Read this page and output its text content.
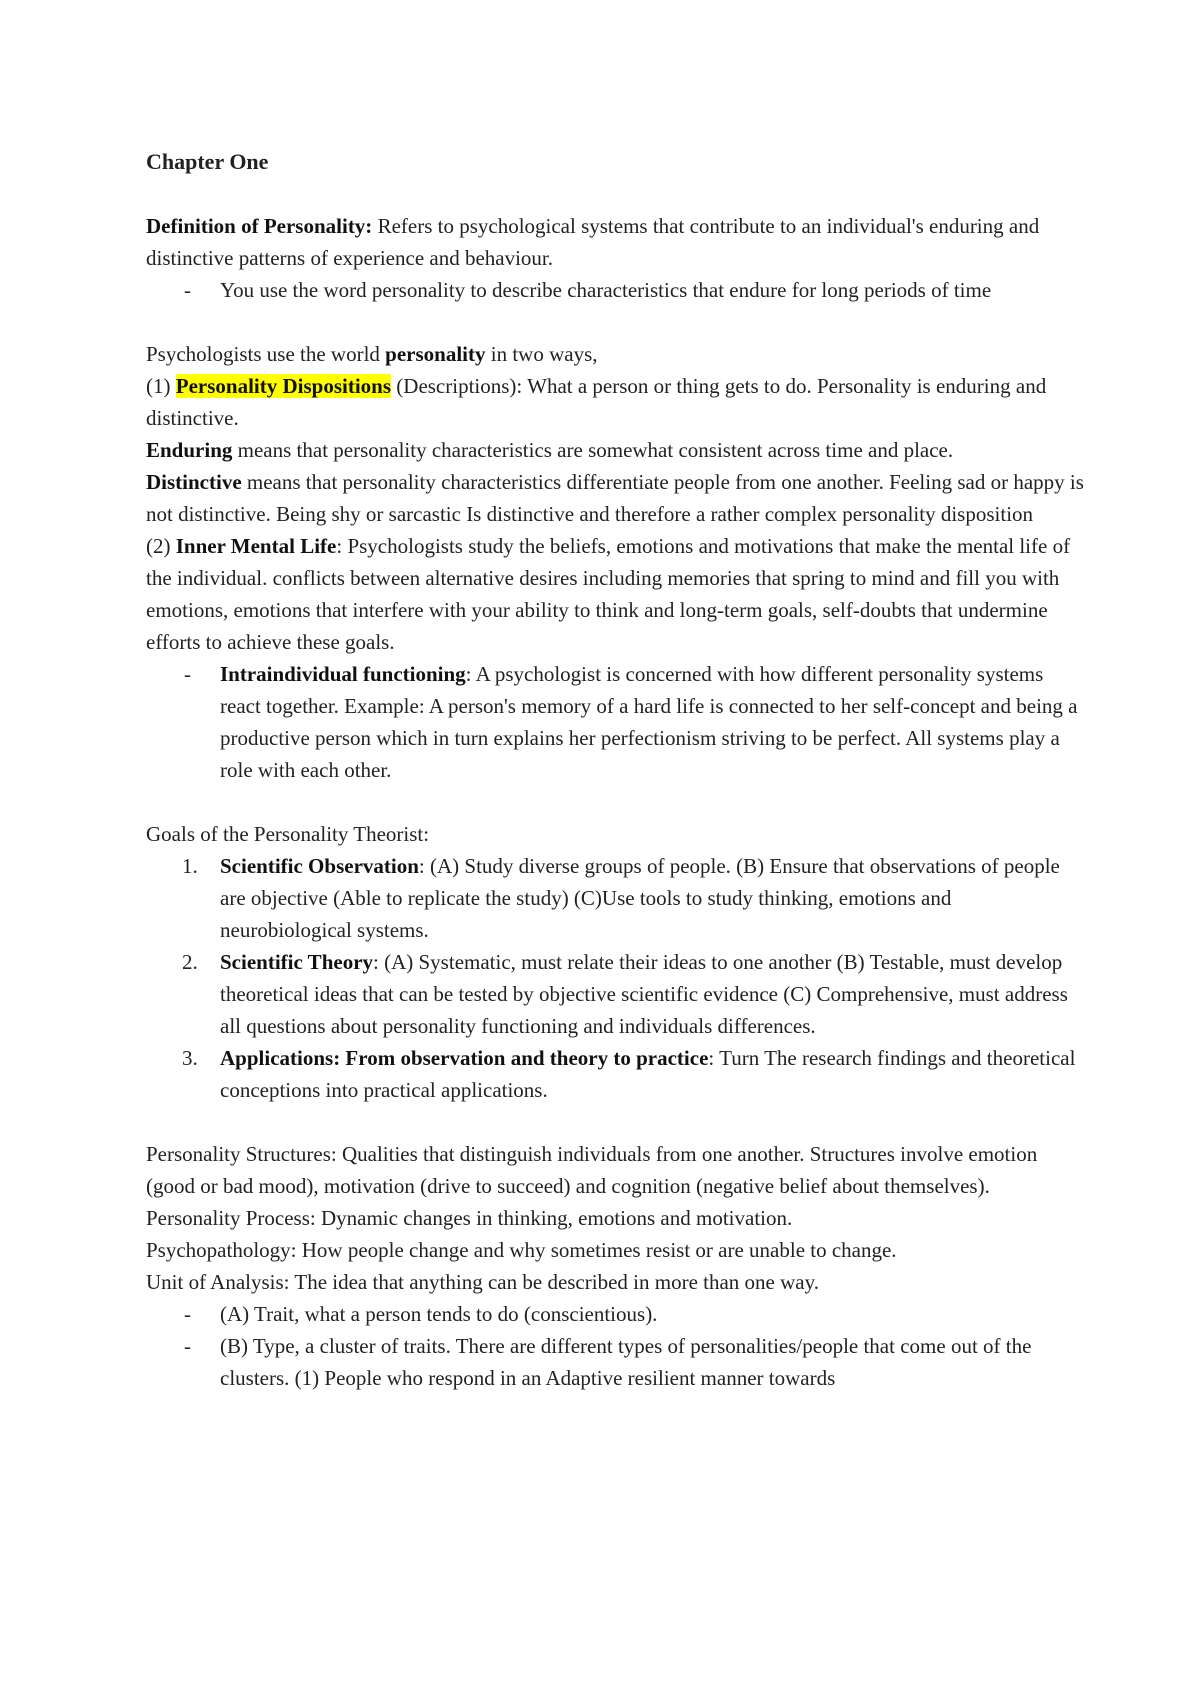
Chapter One

Definition of Personality: Refers to psychological systems that contribute to an individual's enduring and distinctive patterns of experience and behaviour.

- You use the word personality to describe characteristics that endure for long periods of time

Psychologists use the world personality in two ways,

(1) Personality Dispositions (Descriptions): What a person or thing gets to do. Personality is enduring and distinctive.

Enduring means that personality characteristics are somewhat consistent across time and place.

Distinctive means that personality characteristics differentiate people from one another. Feeling sad or happy is not distinctive. Being shy or sarcastic Is distinctive and therefore a rather complex personality disposition

(2) Inner Mental Life: Psychologists study the beliefs, emotions and motivations that make the mental life of the individual. conflicts between alternative desires including memories that spring to mind and fill you with emotions, emotions that interfere with your ability to think and long-term goals, self-doubts that undermine efforts to achieve these goals.

- Intraindividual functioning: A psychologist is concerned with how different personality systems react together. Example: A person's memory of a hard life is connected to her self-concept and being a productive person which in turn explains her perfectionism striving to be perfect. All systems play a role with each other.

Goals of the Personality Theorist:

1. Scientific Observation: (A) Study diverse groups of people. (B) Ensure that observations of people are objective (Able to replicate the study) (C)Use tools to study thinking, emotions and neurobiological systems.
2. Scientific Theory: (A) Systematic, must relate their ideas to one another (B) Testable, must develop theoretical ideas that can be tested by objective scientific evidence (C) Comprehensive, must address all questions about personality functioning and individuals differences.
3. Applications: From observation and theory to practice: Turn The research findings and theoretical conceptions into practical applications.

Personality Structures: Qualities that distinguish individuals from one another. Structures involve emotion (good or bad mood), motivation (drive to succeed) and cognition (negative belief about themselves).

Personality Process: Dynamic changes in thinking, emotions and motivation.

Psychopathology: How people change and why sometimes resist or are unable to change.

Unit of Analysis: The idea that anything can be described in more than one way.

- (A) Trait, what a person tends to do (conscientious).
- (B) Type, a cluster of traits. There are different types of personalities/people that come out of the clusters. (1) People who respond in an Adaptive resilient manner towards
